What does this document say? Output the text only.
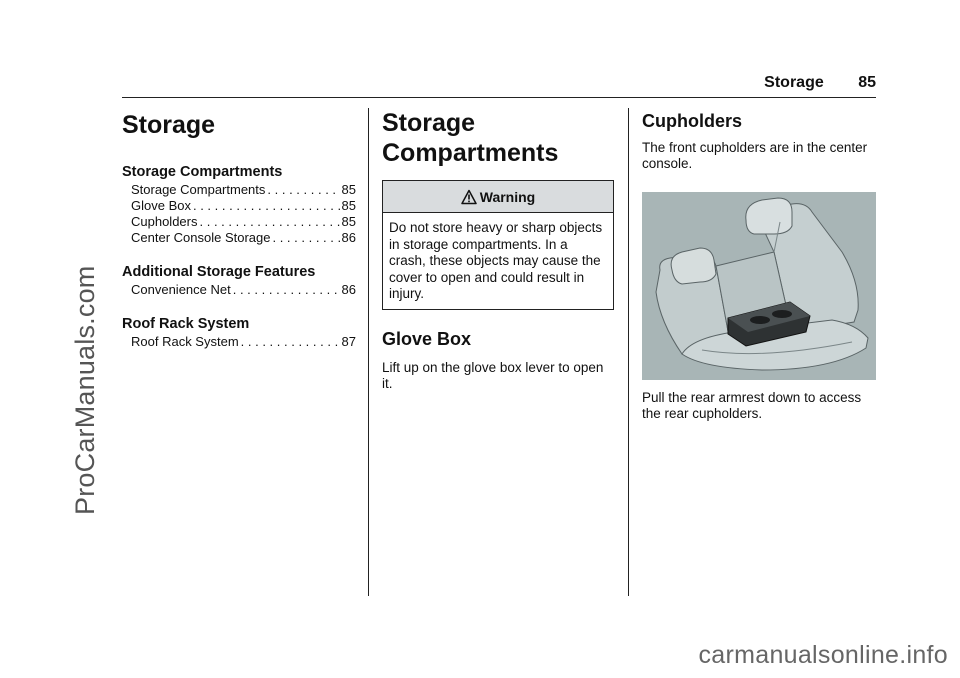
ProCarManuals.com
carmanualsonline.info
Storage 85
Storage
Storage Compartments
Storage Compartments . . .	85
Glove Box . . .	85
Cupholders . . .	85
Center Console Storage . . .	86
Additional Storage Features
Convenience Net . . .	86
Roof Rack System
Roof Rack System . . .	87
Storage
Compartments
Warning
Do not store heavy or sharp objects in storage compartments. In a crash, these objects may cause the cover to open and could result in injury.
Glove Box

Lift up on the glove box lever to open it.

Cupholders

The front cupholders are in the center console.

Pull the rear armrest down to access the rear cupholders.
